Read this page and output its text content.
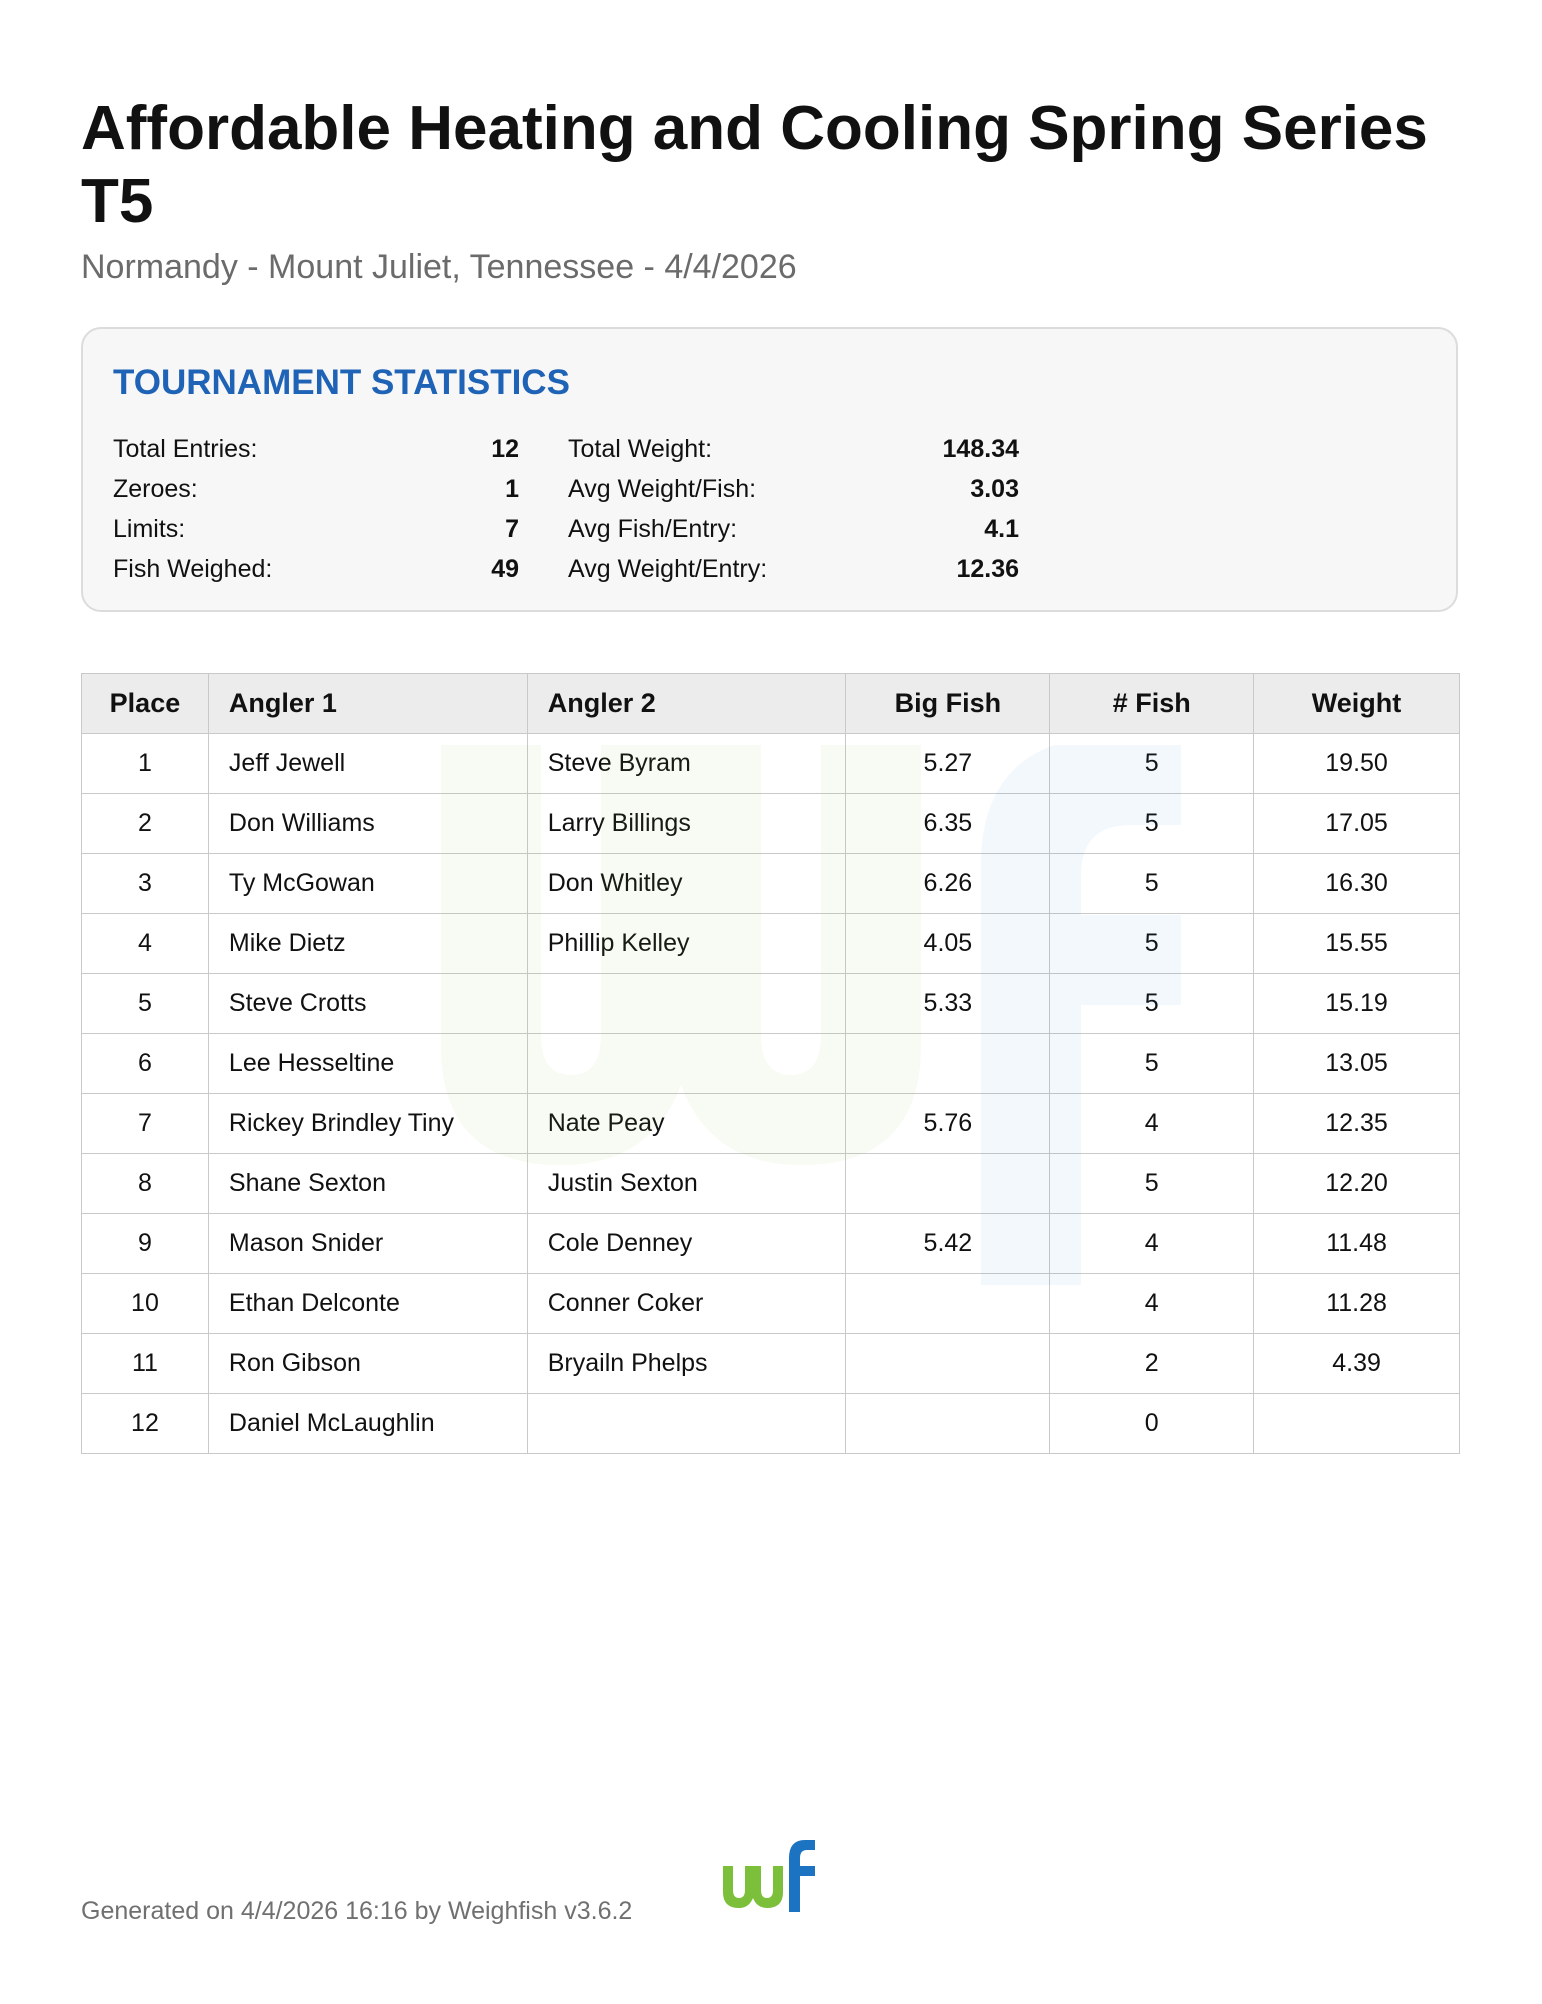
Affordable Heating and Cooling Spring Series T5

Normandy - Mount Juliet, Tennessee - 4/4/2026

TOURNAMENT STATISTICS
Total Entries:	12 Total Weight:	148.34
Zeroes:	1 Avg Weight/Fish:	3.03
Limits:	7 Avg Fish/Entry:	4.1
Fish Weighed:	49 Avg Weight/Entry:	12.36
Place	Angler 1	Angler 2	Big Fish	# Fish	Weight
1	Jeff Jewell	Steve Byram	5.27	5	19.50
2	Don Williams	Larry Billings	6.35	5	17.05
3	Ty McGowan	Don Whitley	6.26	5	16.30
4	Mike Dietz	Phillip Kelley	4.05	5	15.55
5	Steve Crotts		5.33	5	15.19
6	Lee Hesseltine			5	13.05
7	Rickey Brindley Tiny	Nate Peay	5.76	4	12.35
8	Shane Sexton	Justin Sexton		5	12.20
9	Mason Snider	Cole Denney	5.42	4	11.48
10	Ethan Delconte	Conner Coker		4	11.28
11	Ron Gibson	Bryailn Phelps		2	4.39
12	Daniel McLaughlin			0	
Generated on 4/4/2026 16:16 by Weighfish v3.6.2
